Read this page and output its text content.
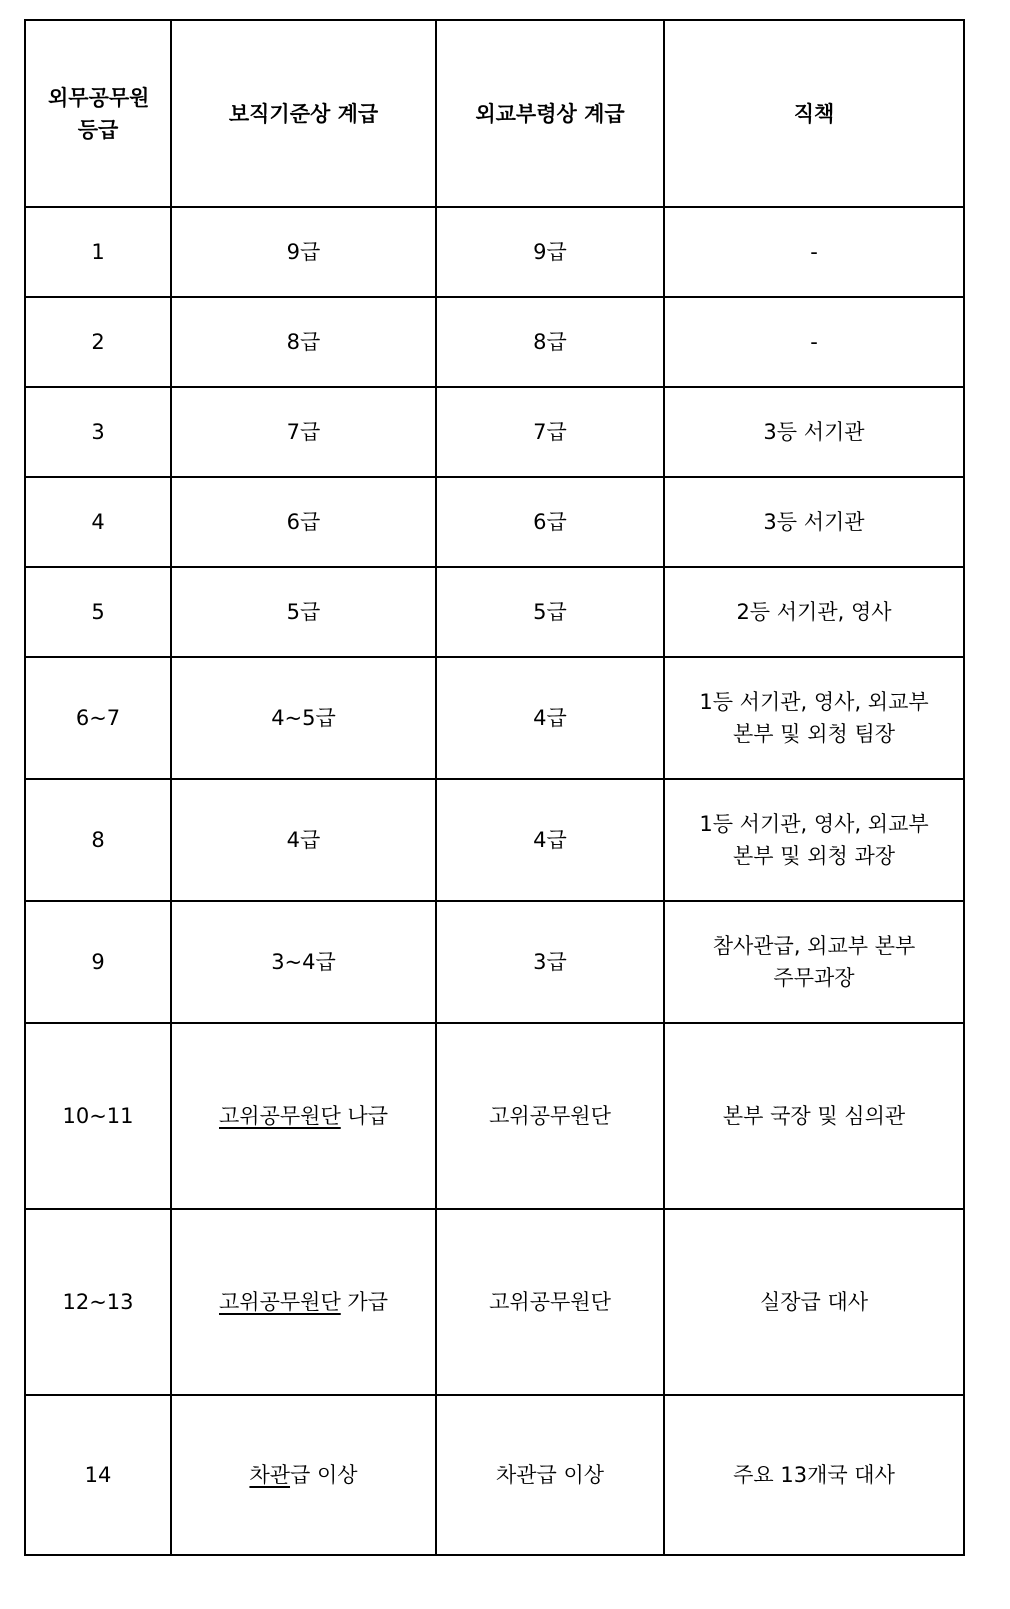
외무공무원 등급	보직기준상 계급	외교부령상 계급	직책
1	9급	9급	-
2	8급	8급	-
3	7급	7급	3등 서기관
4	6급	6급	3등 서기관
5	5급	5급	2등 서기관, 영사
6~7	4~5급	4급	1등 서기관, 영사, 외교부 본부 및 외청 팀장
8	4급	4급	1등 서기관, 영사, 외교부 본부 및 외청 과장
9	3~4급	3급	참사관급, 외교부 본부 주무과장
10~11	고위공무원단 나급	고위공무원단	본부 국장 및 심의관
12~13	고위공무원단 가급	고위공무원단	실장급 대사
14	차관급 이상	차관급 이상	주요 13개국 대사
